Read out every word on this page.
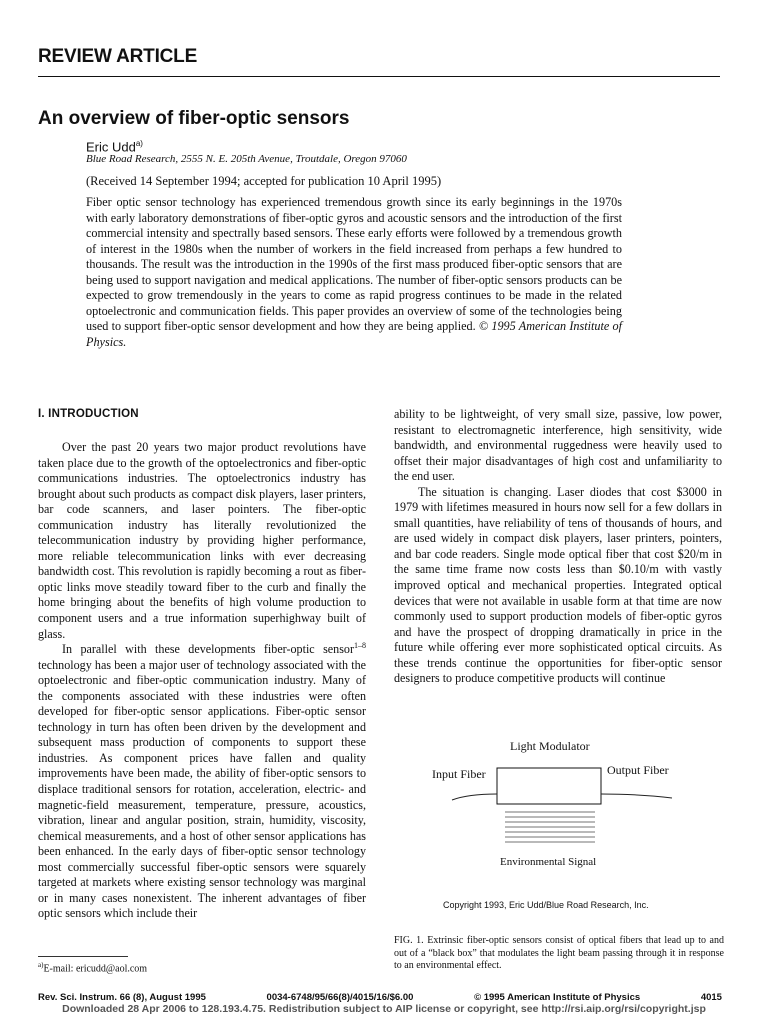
REVIEW ARTICLE
An overview of fiber-optic sensors
Eric Udd$^{a)}$
Blue Road Research, 2555 N. E. 205th Avenue, Troutdale, Oregon 97060
(Received 14 September 1994; accepted for publication 10 April 1995)
Fiber optic sensor technology has experienced tremendous growth since its early beginnings in the 1970s with early laboratory demonstrations of fiber-optic gyros and acoustic sensors and the introduction of the first commercial intensity and spectrally based sensors. These early efforts were followed by a tremendous growth of interest in the 1980s when the number of workers in the field increased from perhaps a few hundred to thousands. The result was the introduction in the 1990s of the first mass produced fiber-optic sensors that are being used to support navigation and medical applications. The number of fiber-optic sensors products can be expected to grow tremendously in the years to come as rapid progress continues to be made in the related optoelectronic and communication fields. This paper provides an overview of some of the technologies being used to support fiber-optic sensor development and how they are being applied. © 1995 American Institute of Physics.
I. INTRODUCTION

Over the past 20 years two major product revolutions have taken place due to the growth of the optoelectronics and fiber-optic communications industries. The optoelectronics industry has brought about such products as compact disk players, laser printers, bar code scanners, and laser pointers. The fiber-optic communication industry has literally revolutionized the telecommunication industry by providing higher performance, more reliable telecommunication links with ever decreasing bandwidth cost. This revolution is rapidly becoming a rout as fiber-optic links move steadily toward fiber to the curb and finally the home bringing about the benefits of high volume production to component users and a true information superhighway built of glass.

In parallel with these developments fiber-optic sensor$^{1-8}$ technology has been a major user of technology associated with the optoelectronic and fiber-optic communication industry. Many of the components associated with these industries were often developed for fiber-optic sensor applications. Fiber-optic sensor technology in turn has often been driven by the development and subsequent mass production of components to support these industries. As component prices have fallen and quality improvements have been made, the ability of fiber-optic sensors to displace traditional sensors for rotation, acceleration, electric- and magnetic-field measurement, temperature, pressure, acoustics, vibration, linear and angular position, strain, humidity, viscosity, chemical measurements, and a host of other sensor applications has been enhanced. In the early days of fiber-optic sensor technology most commercially successful fiber-optic sensors were squarely targeted at markets where existing sensor technology was marginal or in many cases nonexistent. The inherent advantages of fiber optic sensors which include their

ability to be lightweight, of very small size, passive, low power, resistant to electromagnetic interference, high sensitivity, wide bandwidth, and environmental ruggedness were heavily used to offset their major disadvantages of high cost and unfamiliarity to the end user.

The situation is changing. Laser diodes that cost $3000 in 1979 with lifetimes measured in hours now sell for a few dollars in small quantities, have reliability of tens of thousands of hours, and are used widely in compact disk players, laser printers, pointers, and bar code readers. Single mode optical fiber that cost $20/m in the same time frame now costs less than $0.10/m with vastly improved optical and mechanical properties. Integrated optical devices that were not available in usable form at that time are now commonly used to support production models of fiber-optic gyros and have the prospect of dropping dramatically in price in the future while offering ever more sophisticated optical circuits. As these trends continue the opportunities for fiber-optic sensor designers to produce competitive products will continue

Light Modulator
Input Fiber	Output Fiber
Environmental Signal
Copyright 1993, Eric Udd/Blue Road Research, Inc.
FIG. 1. Extrinsic fiber-optic sensors consist of optical fibers that lead up to and out of a “black box” that modulates the light beam passing through it in response to an environmental effect.
$^{a)}$E-mail: ericudd@aol.com
Rev. Sci. Instrum. 66 (8), August 1995	0034-6748/95/66(8)/4015/16/$6.00	© 1995 American Institute of Physics	4015
Downloaded 28 Apr 2006 to 128.193.4.75. Redistribution subject to AIP license or copyright, see http://rsi.aip.org/rsi/copyright.jsp
